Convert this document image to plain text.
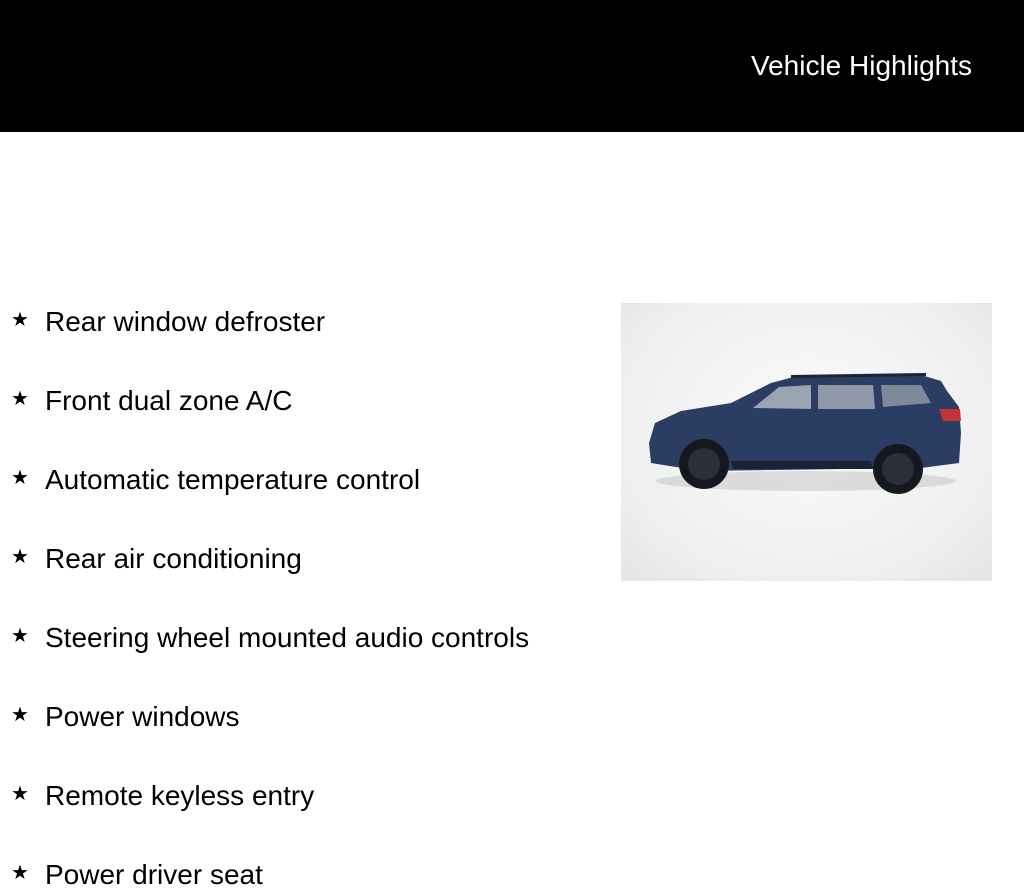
Vehicle Highlights
★ Rear window defroster
★ Front dual zone A/C
★ Automatic temperature control
★ Rear air conditioning
★ Steering wheel mounted audio controls
★ Power windows
★ Remote keyless entry
★ Power driver seat
